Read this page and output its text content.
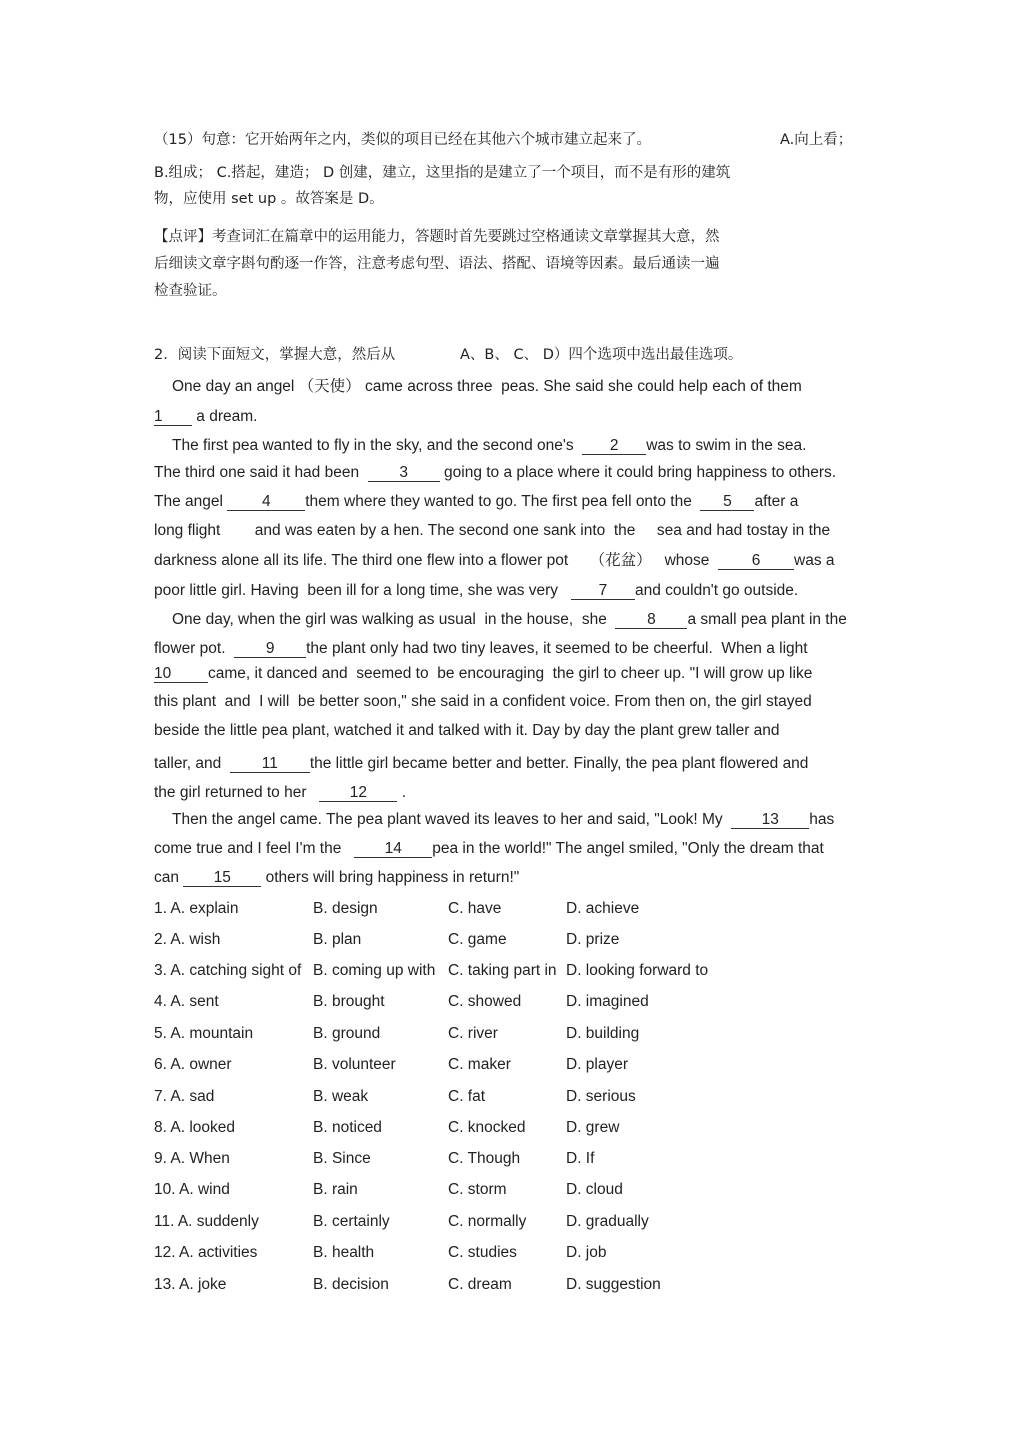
（15）句意：它开始两年之内，类似的项目已经在其他六个城市建立起来了。	A.向上看；
B.组成； C.搭起，建造； D 创建，建立，这里指的是建立了一个项目，而不是有形的建筑
物，应使用 set up 。故答案是 D。
【点评】考查词汇在篇章中的运用能力，答题时首先要跳过空格通读文章掌握其大意，然
后细读文章字斟句酌逐一作答，注意考虑句型、语法、搭配、语境等因素。最后通读一遍
检查验证。
2．阅读下面短文，掌握大意，然后从	A、B、 C、 D）四个选项中选出最佳选项。
One day an angel （天使） came across three  peas. She said she could help each of them
1 a dream.
The first pea wanted to fly in the sky, and the second one's  2 was to swim in the sea.
The third one said it had been  3 going to a place where it could bring happiness to others.
The angel 4 them where they wanted to go. The first pea fell onto the  5 after a
long flight        and was eaten by a hen. The second one sank into  the     sea and had tostay in the
darkness alone all its life. The third one flew into a flower pot     （花盆）   whose  6 was a
poor little girl. Having  been ill for a long time, she was very   7 and couldn't go outside.
One day, when the girl was walking as usual  in the house,  she  8 a small pea plant in the
flower pot.  9 the plant only had two tiny leaves, it seemed to be cheerful.  When a light
10 came, it danced and  seemed to  be encouraging  the girl to cheer up. "I will grow up like
this plant  and  I will  be better soon," she said in a confident voice. From then on, the girl stayed
beside the little pea plant, watched it and talked with it. Day by day the plant grew taller and
taller, and  11 the little girl became better and better. Finally, the pea plant flowered and
the girl returned to her   12 .
Then the angel came. The pea plant waved its leaves to her and said, "Look! My  13 has
come true and I feel I'm the   14 pea in the world!" The angel smiled, "Only the dream that
can 15 others will bring happiness in return!"
1. A. explain	B. design	C. have	D. achieve
2. A. wish	B. plan	C. game	D. prize
3. A. catching sight of B. coming up with C. taking part in D. looking forward to
4. A. sent	B. brought	C. showed	D. imagined
5. A. mountain	B. ground	C. river	D. building
6. A. owner	B. volunteer	C. maker	D. player
7. A. sad	B. weak	C. fat	D. serious
8. A. looked	B. noticed	C. knocked	D. grew
9. A. When	B. Since	C. Though	D. If
10. A. wind	B. rain	C. storm	D. cloud
11. A. suddenly	B. certainly	C. normally	D. gradually
12. A. activities	B. health	C. studies	D. job
13. A. joke	B. decision	C. dream	D. suggestion
